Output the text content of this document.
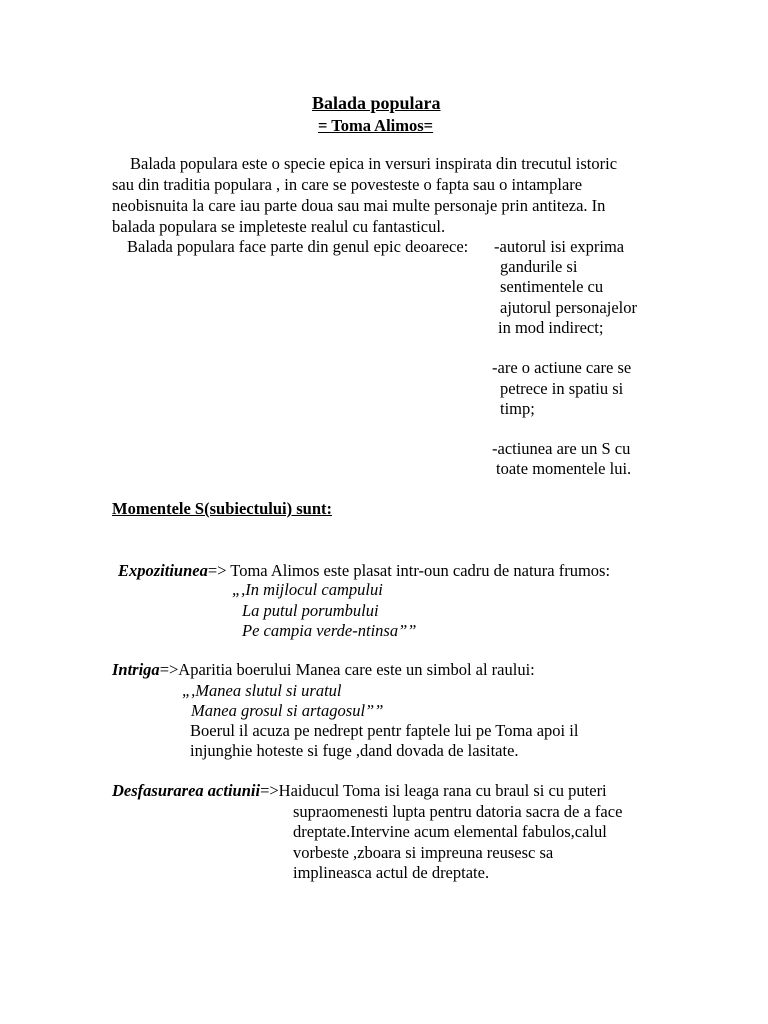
Balada populara
= Toma Alimos=
Balada populara este o specie epica in versuri inspirata din trecutul istoric
sau din traditia populara , in care se povesteste o fapta sau o intamplare
neobisnuita la care iau parte doua sau mai multe personaje prin antiteza. In
balada populara se impleteste realul cu fantasticul.
Balada populara face parte din genul epic deoarece: -autorul isi exprima
gandurile si
sentimentele cu
ajutorul personajelor
in mod indirect;
-are o actiune care se
petrece in spatiu si
timp;
-actiunea are un S cu
toate momentele lui.
Momentele S(subiectului) sunt:
Expozitiunea=> Toma Alimos este plasat intr-oun cadru de natura frumos:
„,In mijlocul campului
La putul porumbului
Pe campia verde-ntinsa””
Intriga=>Aparitia boerului Manea care este un simbol al raului:
„,Manea slutul si uratul
Manea grosul si artagosul””
Boerul il acuza pe nedrept pentr faptele lui pe Toma apoi il
injunghie hoteste si fuge ,dand dovada de lasitate.
Desfasurarea actiunii=>Haiducul Toma isi leaga rana cu braul si cu puteri
supraomenesti lupta pentru datoria sacra de a face
dreptate.Intervine acum elemental fabulos,calul
vorbeste ,zboara si impreuna reusesc sa
implineasca actul de dreptate.
